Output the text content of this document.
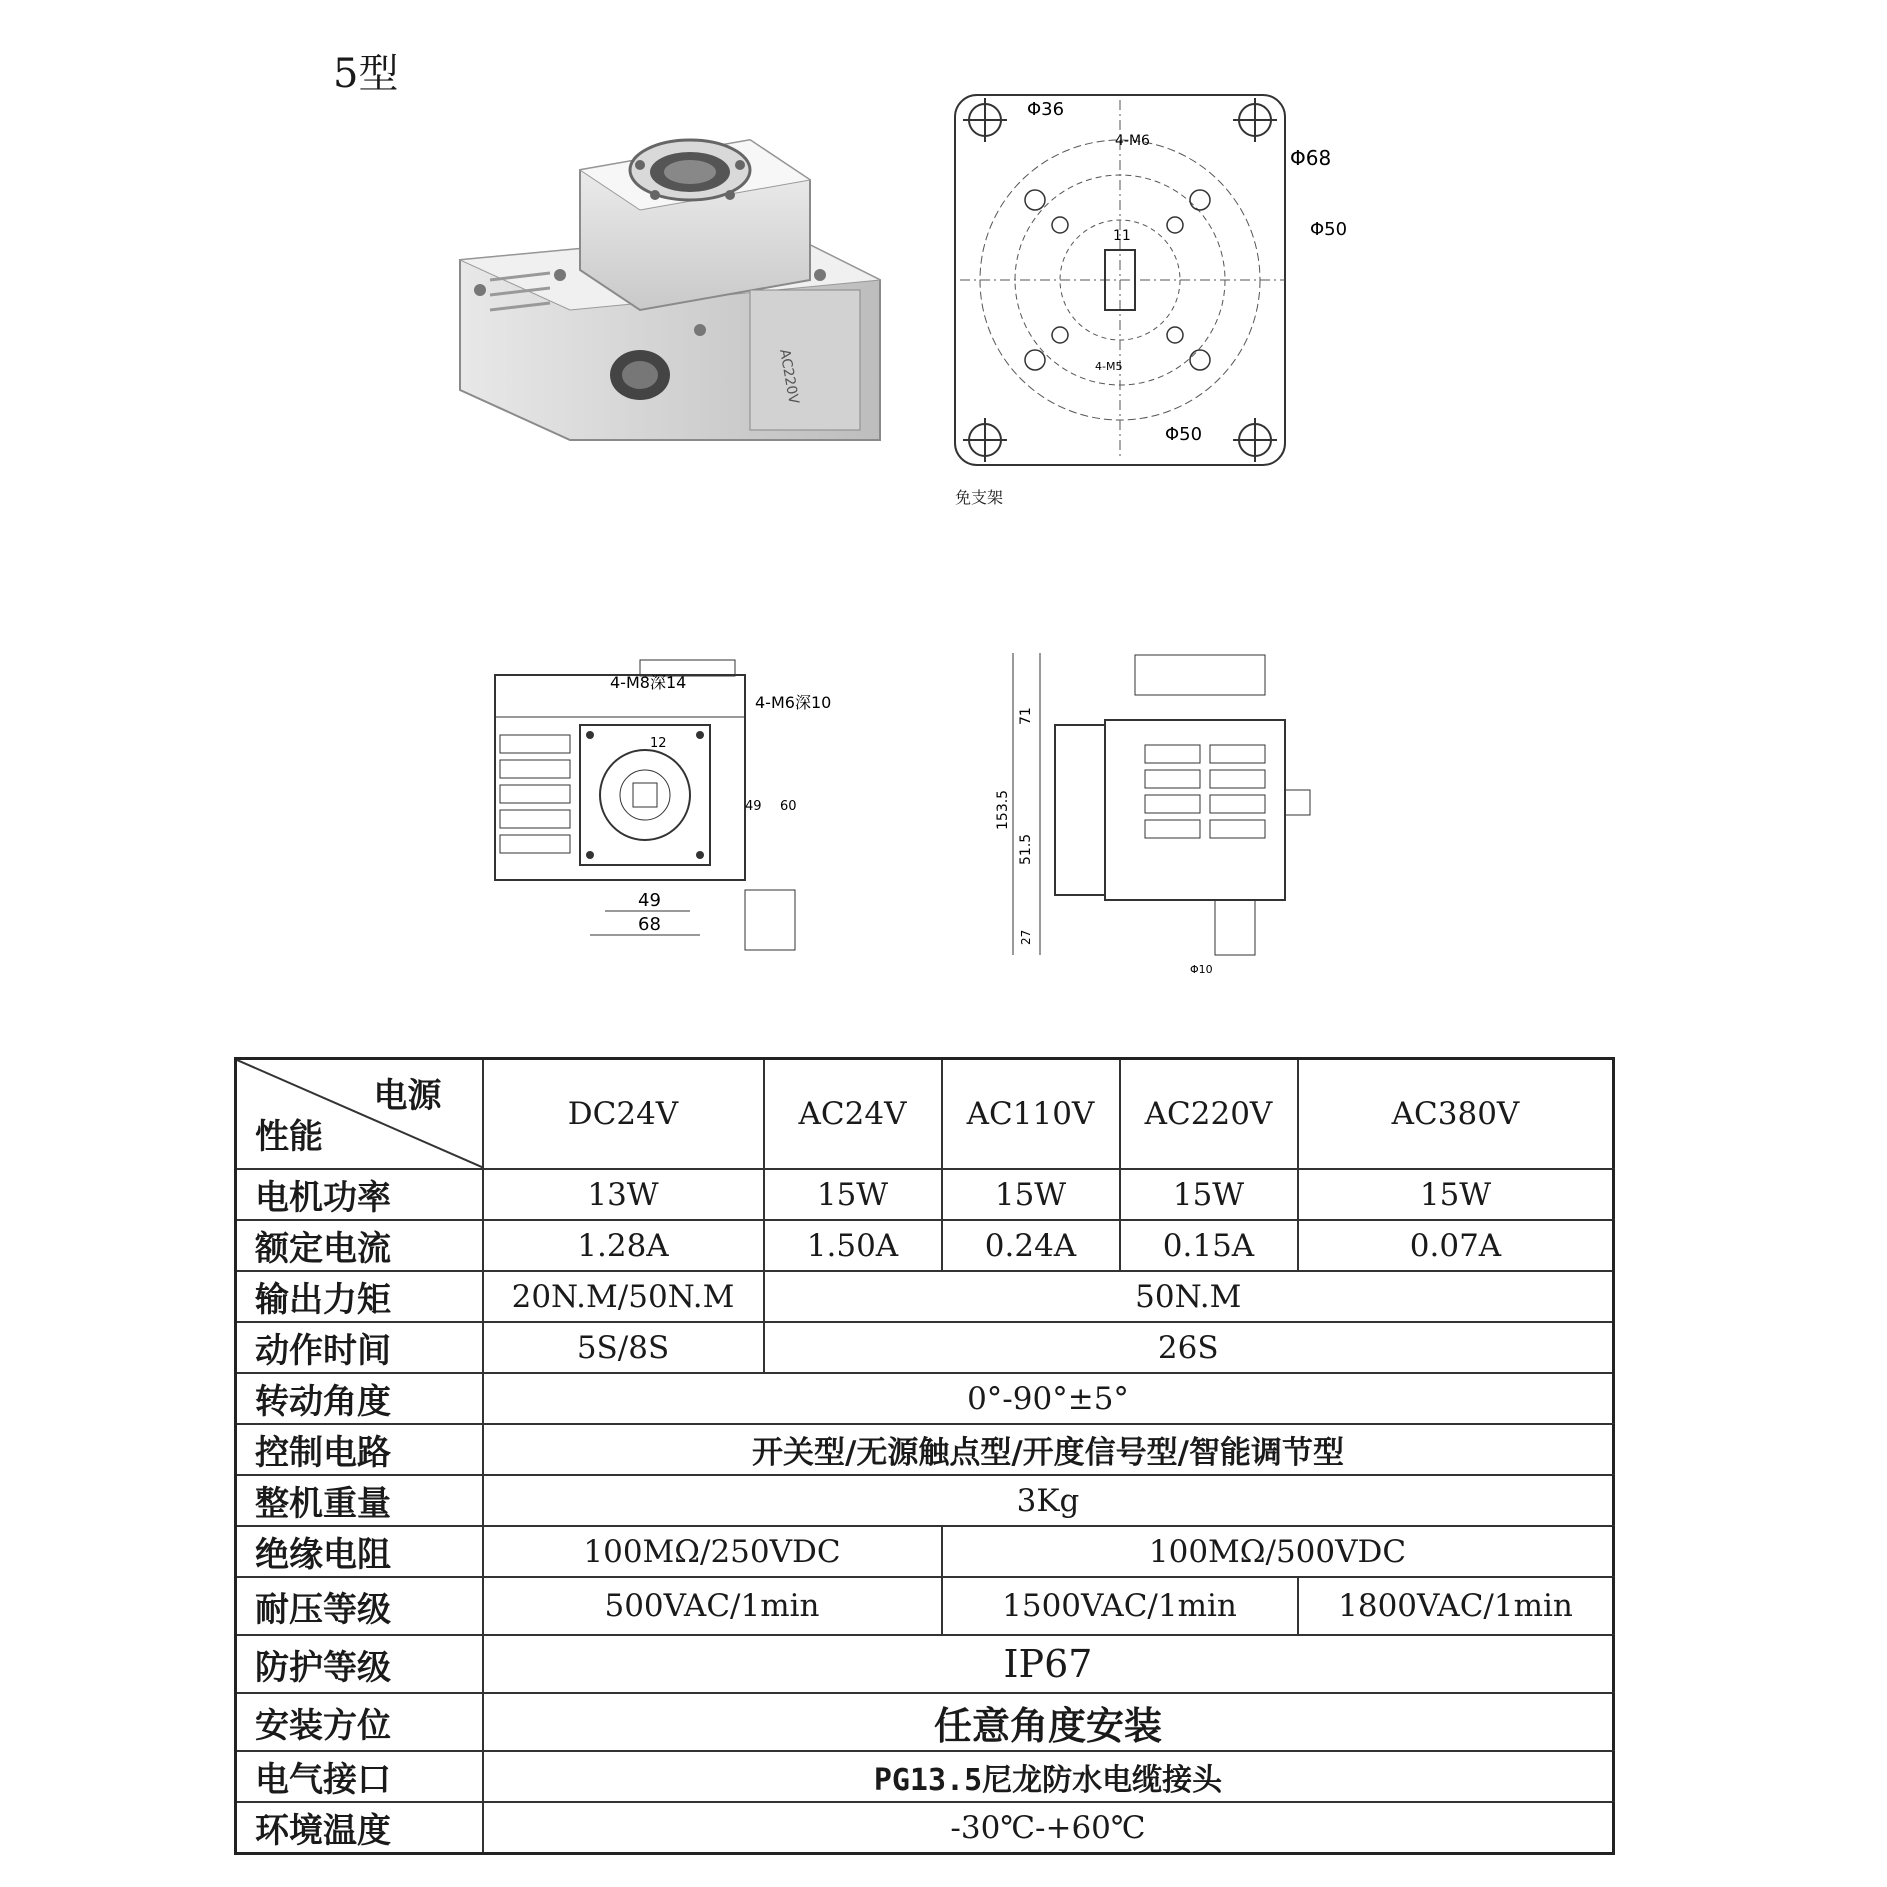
5型
AC220V
Φ36
4-M6
Φ68
Φ50
11
4-M5
Φ50
免支架
4-M8深14
4-M6深10
12
49 60
49
68
71
153.5
51.5
27
Φ10
电源
性能	DC24V	AC24V	AC110V	AC220V	AC380V
电机功率	13W	15W	15W	15W	15W
额定电流	1.28A	1.50A	0.24A	0.15A	0.07A
输出力矩	20N.M/50N.M	50N.M			
动作时间	5S/8S	26S			
转动角度	0°-90°±5°				
控制电路	开关型/无源触点型/开度信号型/智能调节型				
整机重量	3Kg				
绝缘电阻	100MΩ/250VDC		100MΩ/500VDC		
耐压等级	500VAC/1min		1500VAC/1min		1800VAC/1min
防护等级	IP67				
安装方位	任意角度安装				
电气接口	PG13.5尼龙防水电缆接头				
环境温度	-30℃-+60℃				
